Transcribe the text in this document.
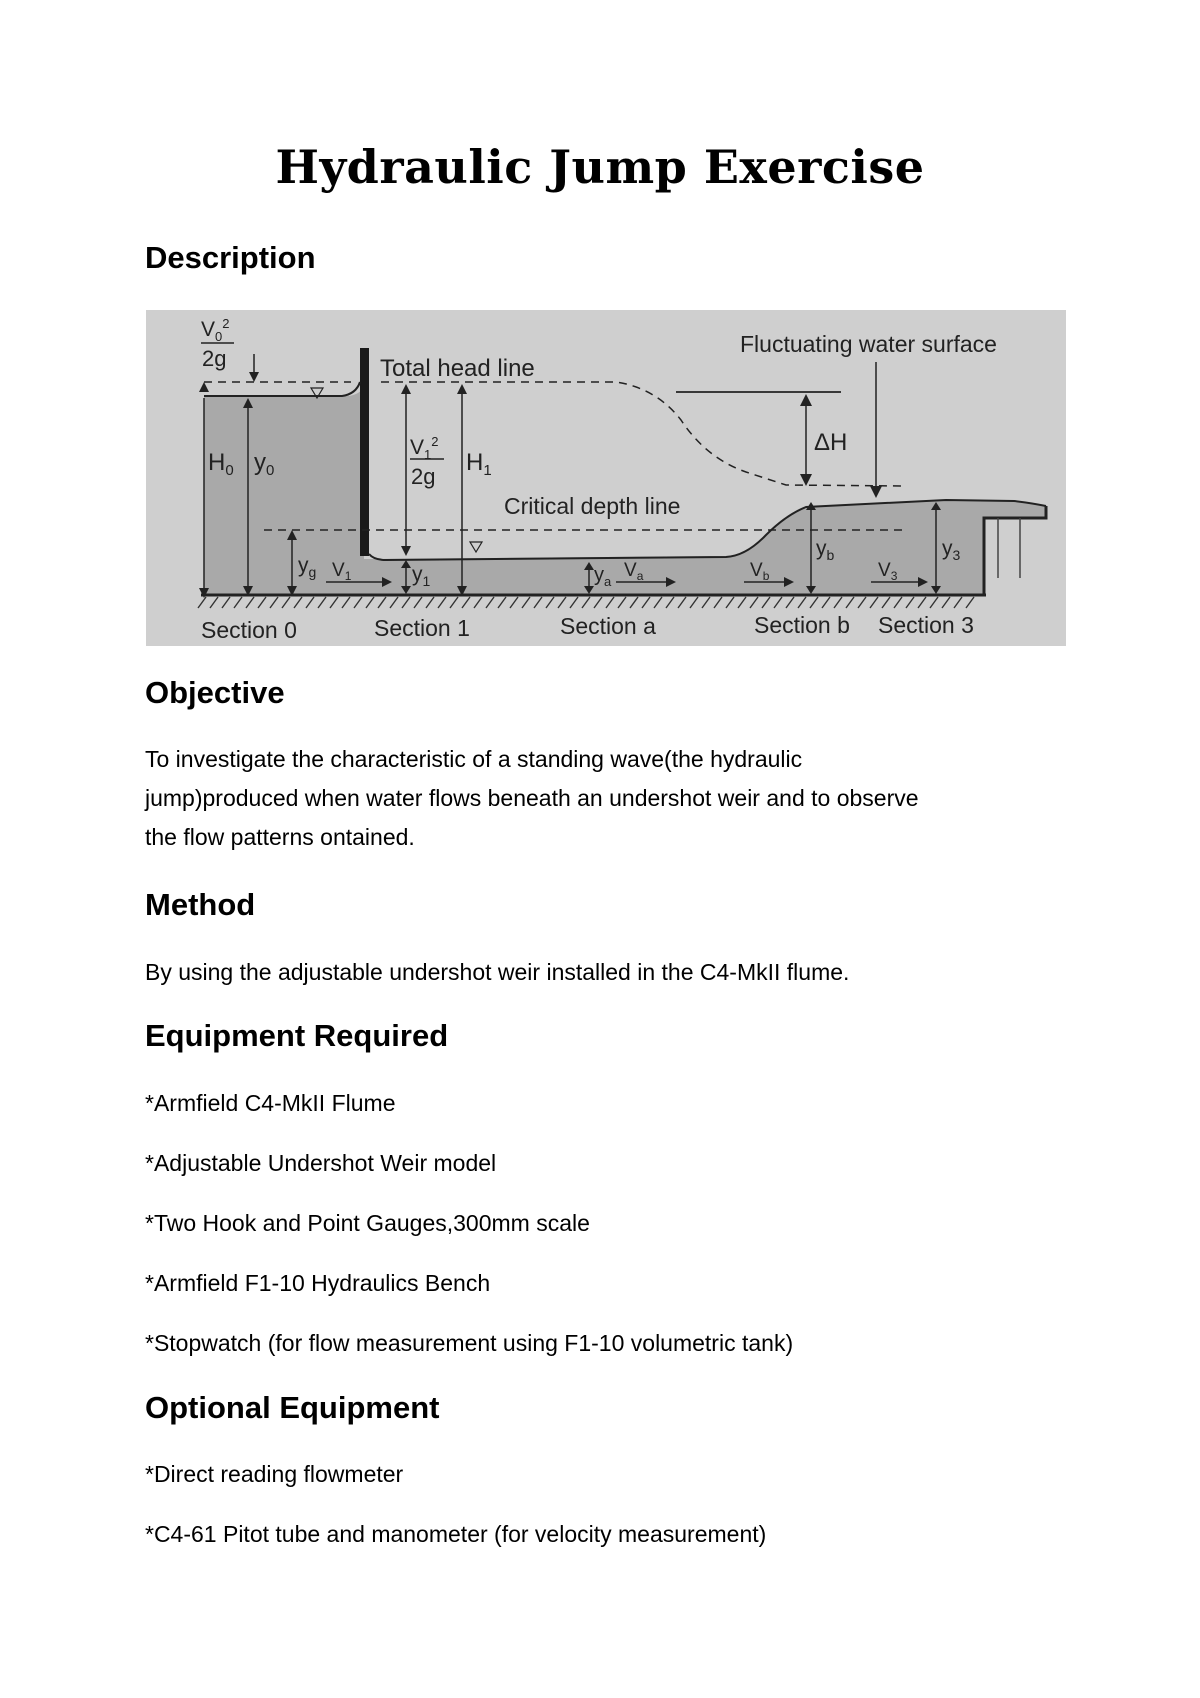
Hydraulic Jump Exercise
Description
$V_0^2$
2g	Total head line
Fluctuating water surface
ΔH
$H_0$ $y_0$
$V_1^2$
2g
$H_1$
Critical depth line
$y_g$ $V_1$	$y_1$	$y_a$
$V_a$	$V_b$
$y_b$
$V_3$
$y_3$
Section 0	Section 1	Section a	Section b Section 3
Objective
To investigate the characteristic of a standing wave(the hydraulic
jump)produced when water flows beneath an undershot weir and to observe
the flow patterns ontained.
Method
By using the adjustable undershot weir installed in the C4-MkII flume.
Equipment Required
*Armfield C4-MkII Flume
*Adjustable Undershot Weir model
*Two Hook and Point Gauges,300mm scale
*Armfield F1-10 Hydraulics Bench
*Stopwatch (for flow measurement using F1-10 volumetric tank)
Optional Equipment
*Direct reading flowmeter
*C4-61 Pitot tube and manometer (for velocity measurement)
